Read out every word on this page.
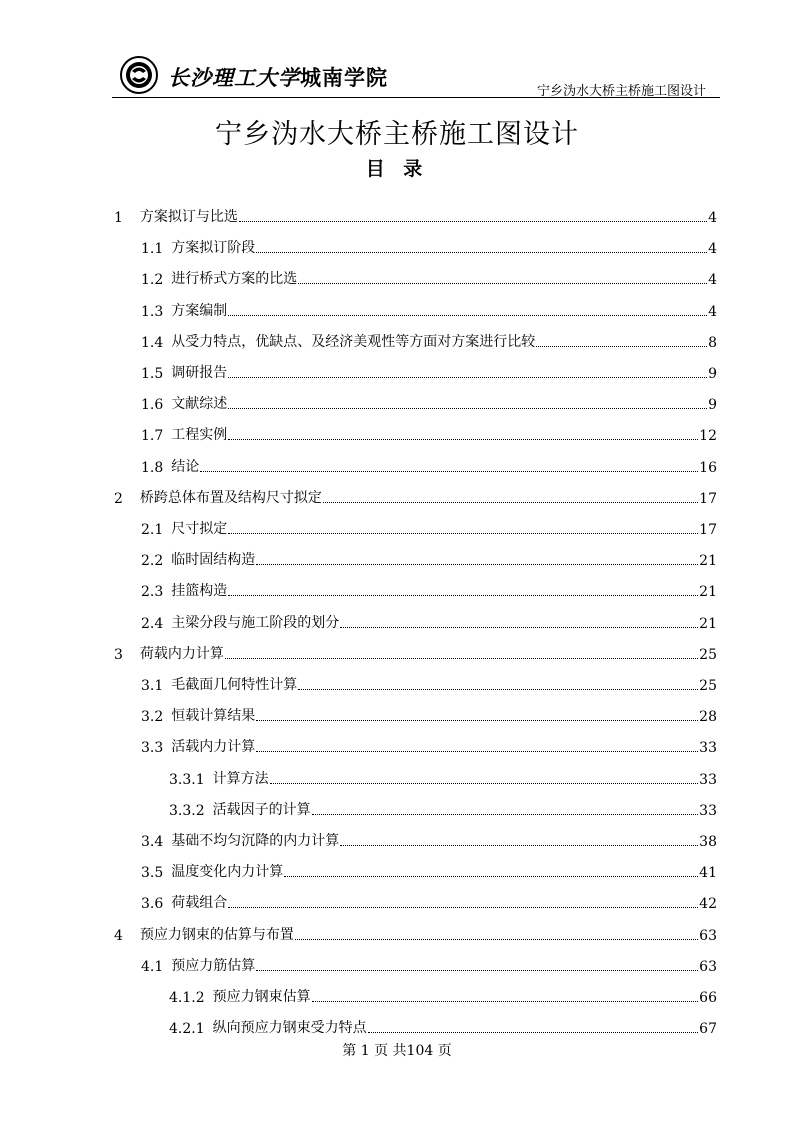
长沙理工大学城南学院
宁乡沩水大桥主桥施工图设计
宁乡沩水大桥主桥施工图设计
目 录
1 方案拟订与比选	4
1.1 方案拟订阶段	4
1.2 进行桥式方案的比选	4
1.3 方案编制	4
1.4 从受力特点，优缺点、及经济美观性等方面对方案进行比较	8
1.5 调研报告	9
1.6 文献综述	9
1.7 工程实例	12
1.8 结论	16
2 桥跨总体布置及结构尺寸拟定	17
2.1 尺寸拟定	17
2.2 临时固结构造	21
2.3 挂篮构造	21
2.4 主梁分段与施工阶段的划分	21
3 荷载内力计算	25
3.1 毛截面几何特性计算	25
3.2 恒载计算结果	28
3.3 活载内力计算	33
3.3.1 计算方法	33
3.3.2 活载因子的计算	33
3.4 基础不均匀沉降的内力计算	38
3.5 温度变化内力计算	41
3.6 荷载组合	42
4 预应力钢束的估算与布置	63
4.1 预应力筋估算	63
4.1.2 预应力钢束估算	66
4.2.1 纵向预应力钢束受力特点	67
第 1 页 共104 页
